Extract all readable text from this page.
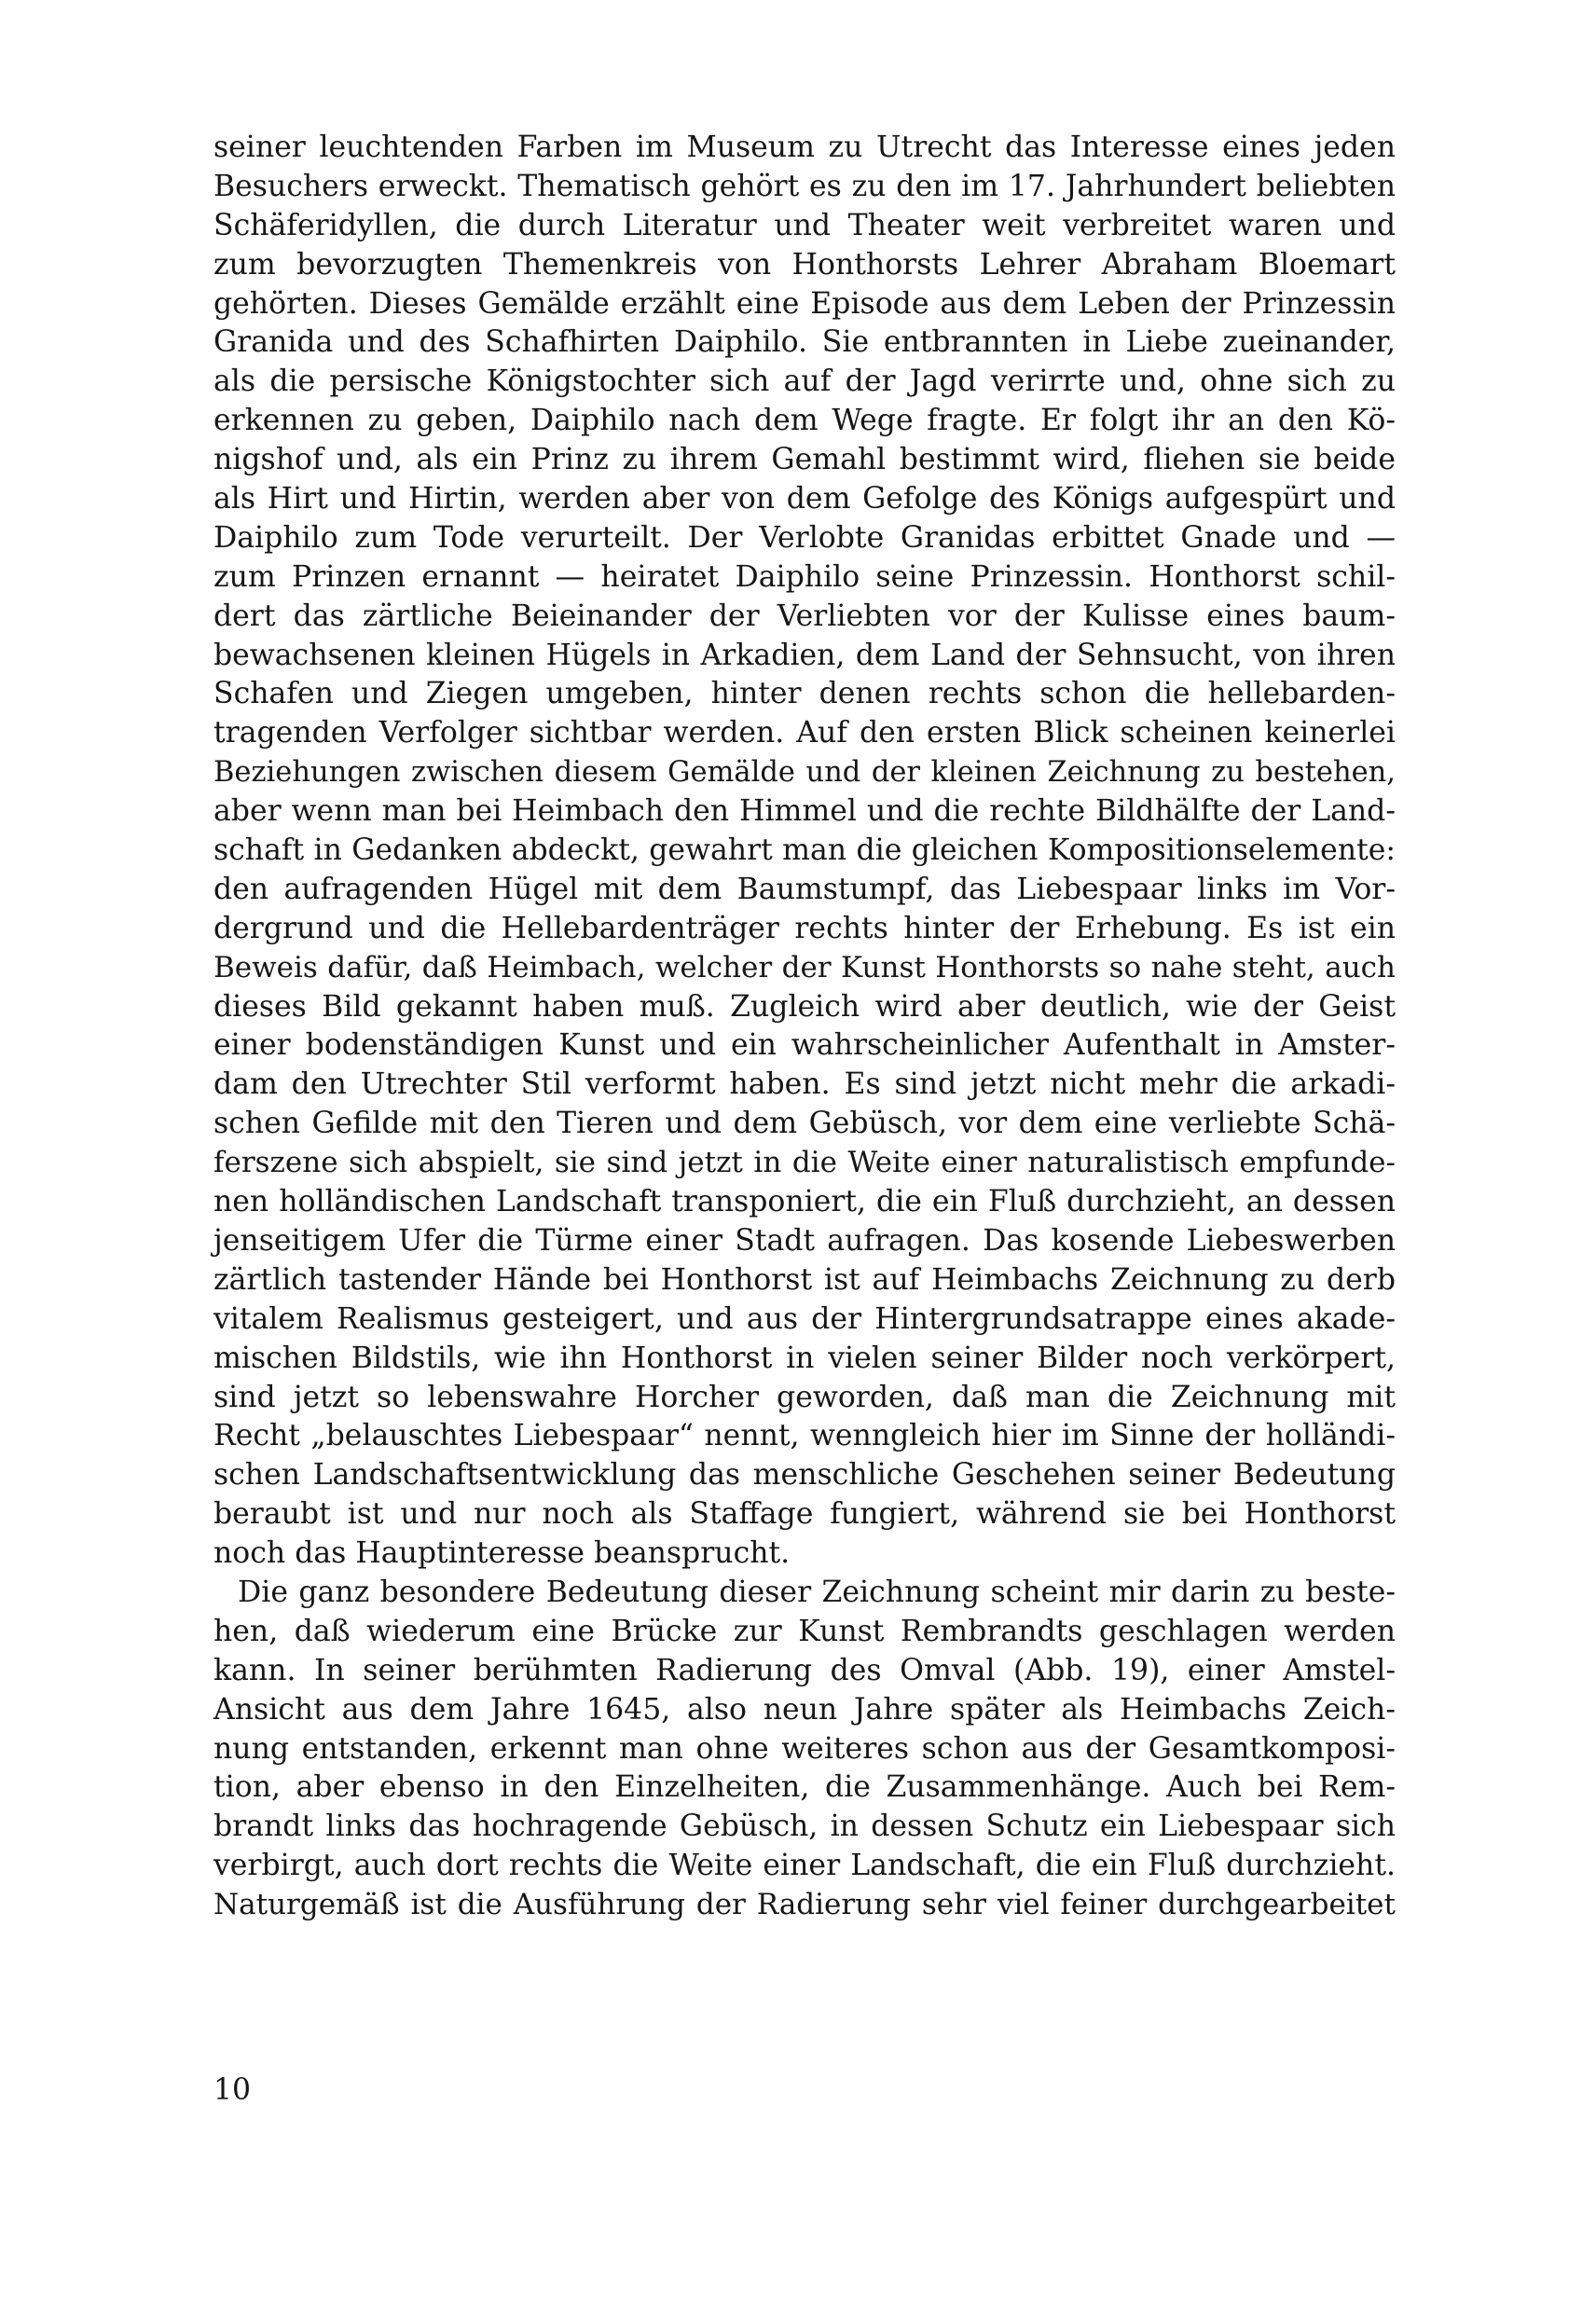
seiner leuchtenden Farben im Museum zu Utrecht das Interesse eines jeden
Besuchers erweckt. Thematisch gehört es zu den im 17. Jahrhundert beliebten
Schäferidyllen, die durch Literatur und Theater weit verbreitet waren und
zum bevorzugten Themenkreis von Honthorsts Lehrer Abraham Bloemart
gehörten. Dieses Gemälde erzählt eine Episode aus dem Leben der Prinzessin
Granida und des Schafhirten Daiphilo. Sie entbrannten in Liebe zueinander,
als die persische Königstochter sich auf der Jagd verirrte und, ohne sich zu
erkennen zu geben, Daiphilo nach dem Wege fragte. Er folgt ihr an den Kö-
nigshof und, als ein Prinz zu ihrem Gemahl bestimmt wird, fliehen sie beide
als Hirt und Hirtin, werden aber von dem Gefolge des Königs aufgespürt und
Daiphilo zum Tode verurteilt. Der Verlobte Granidas erbittet Gnade und —
zum Prinzen ernannt — heiratet Daiphilo seine Prinzessin. Honthorst schil-
dert das zärtliche Beieinander der Verliebten vor der Kulisse eines baum-
bewachsenen kleinen Hügels in Arkadien, dem Land der Sehnsucht, von ihren
Schafen und Ziegen umgeben, hinter denen rechts schon die hellebarden-
tragenden Verfolger sichtbar werden. Auf den ersten Blick scheinen keinerlei
Beziehungen zwischen diesem Gemälde und der kleinen Zeichnung zu bestehen,
aber wenn man bei Heimbach den Himmel und die rechte Bildhälfte der Land-
schaft in Gedanken abdeckt, gewahrt man die gleichen Kompositionselemente:
den aufragenden Hügel mit dem Baumstumpf, das Liebespaar links im Vor-
dergrund und die Hellebardenträger rechts hinter der Erhebung. Es ist ein
Beweis dafür, daß Heimbach, welcher der Kunst Honthorsts so nahe steht, auch
dieses Bild gekannt haben muß. Zugleich wird aber deutlich, wie der Geist
einer bodenständigen Kunst und ein wahrscheinlicher Aufenthalt in Amster-
dam den Utrechter Stil verformt haben. Es sind jetzt nicht mehr die arkadi-
schen Gefilde mit den Tieren und dem Gebüsch, vor dem eine verliebte Schä-
ferszene sich abspielt, sie sind jetzt in die Weite einer naturalistisch empfunde-
nen holländischen Landschaft transponiert, die ein Fluß durchzieht, an dessen
jenseitigem Ufer die Türme einer Stadt aufragen. Das kosende Liebeswerben
zärtlich tastender Hände bei Honthorst ist auf Heimbachs Zeichnung zu derb
vitalem Realismus gesteigert, und aus der Hintergrundsatrappe eines akade-
mischen Bildstils, wie ihn Honthorst in vielen seiner Bilder noch verkörpert,
sind jetzt so lebenswahre Horcher geworden, daß man die Zeichnung mit
Recht „belauschtes Liebespaar“ nennt, wenngleich hier im Sinne der holländi-
schen Landschaftsentwicklung das menschliche Geschehen seiner Bedeutung
beraubt ist und nur noch als Staffage fungiert, während sie bei Honthorst
noch das Hauptinteresse beansprucht.
Die ganz besondere Bedeutung dieser Zeichnung scheint mir darin zu beste-
hen, daß wiederum eine Brücke zur Kunst Rembrandts geschlagen werden
kann. In seiner berühmten Radierung des Omval (Abb. 19), einer Amstel-
Ansicht aus dem Jahre 1645, also neun Jahre später als Heimbachs Zeich-
nung entstanden, erkennt man ohne weiteres schon aus der Gesamtkomposi-
tion, aber ebenso in den Einzelheiten, die Zusammenhänge. Auch bei Rem-
brandt links das hochragende Gebüsch, in dessen Schutz ein Liebespaar sich
verbirgt, auch dort rechts die Weite einer Landschaft, die ein Fluß durchzieht.
Naturgemäß ist die Ausführung der Radierung sehr viel feiner durchgearbeitet
10
